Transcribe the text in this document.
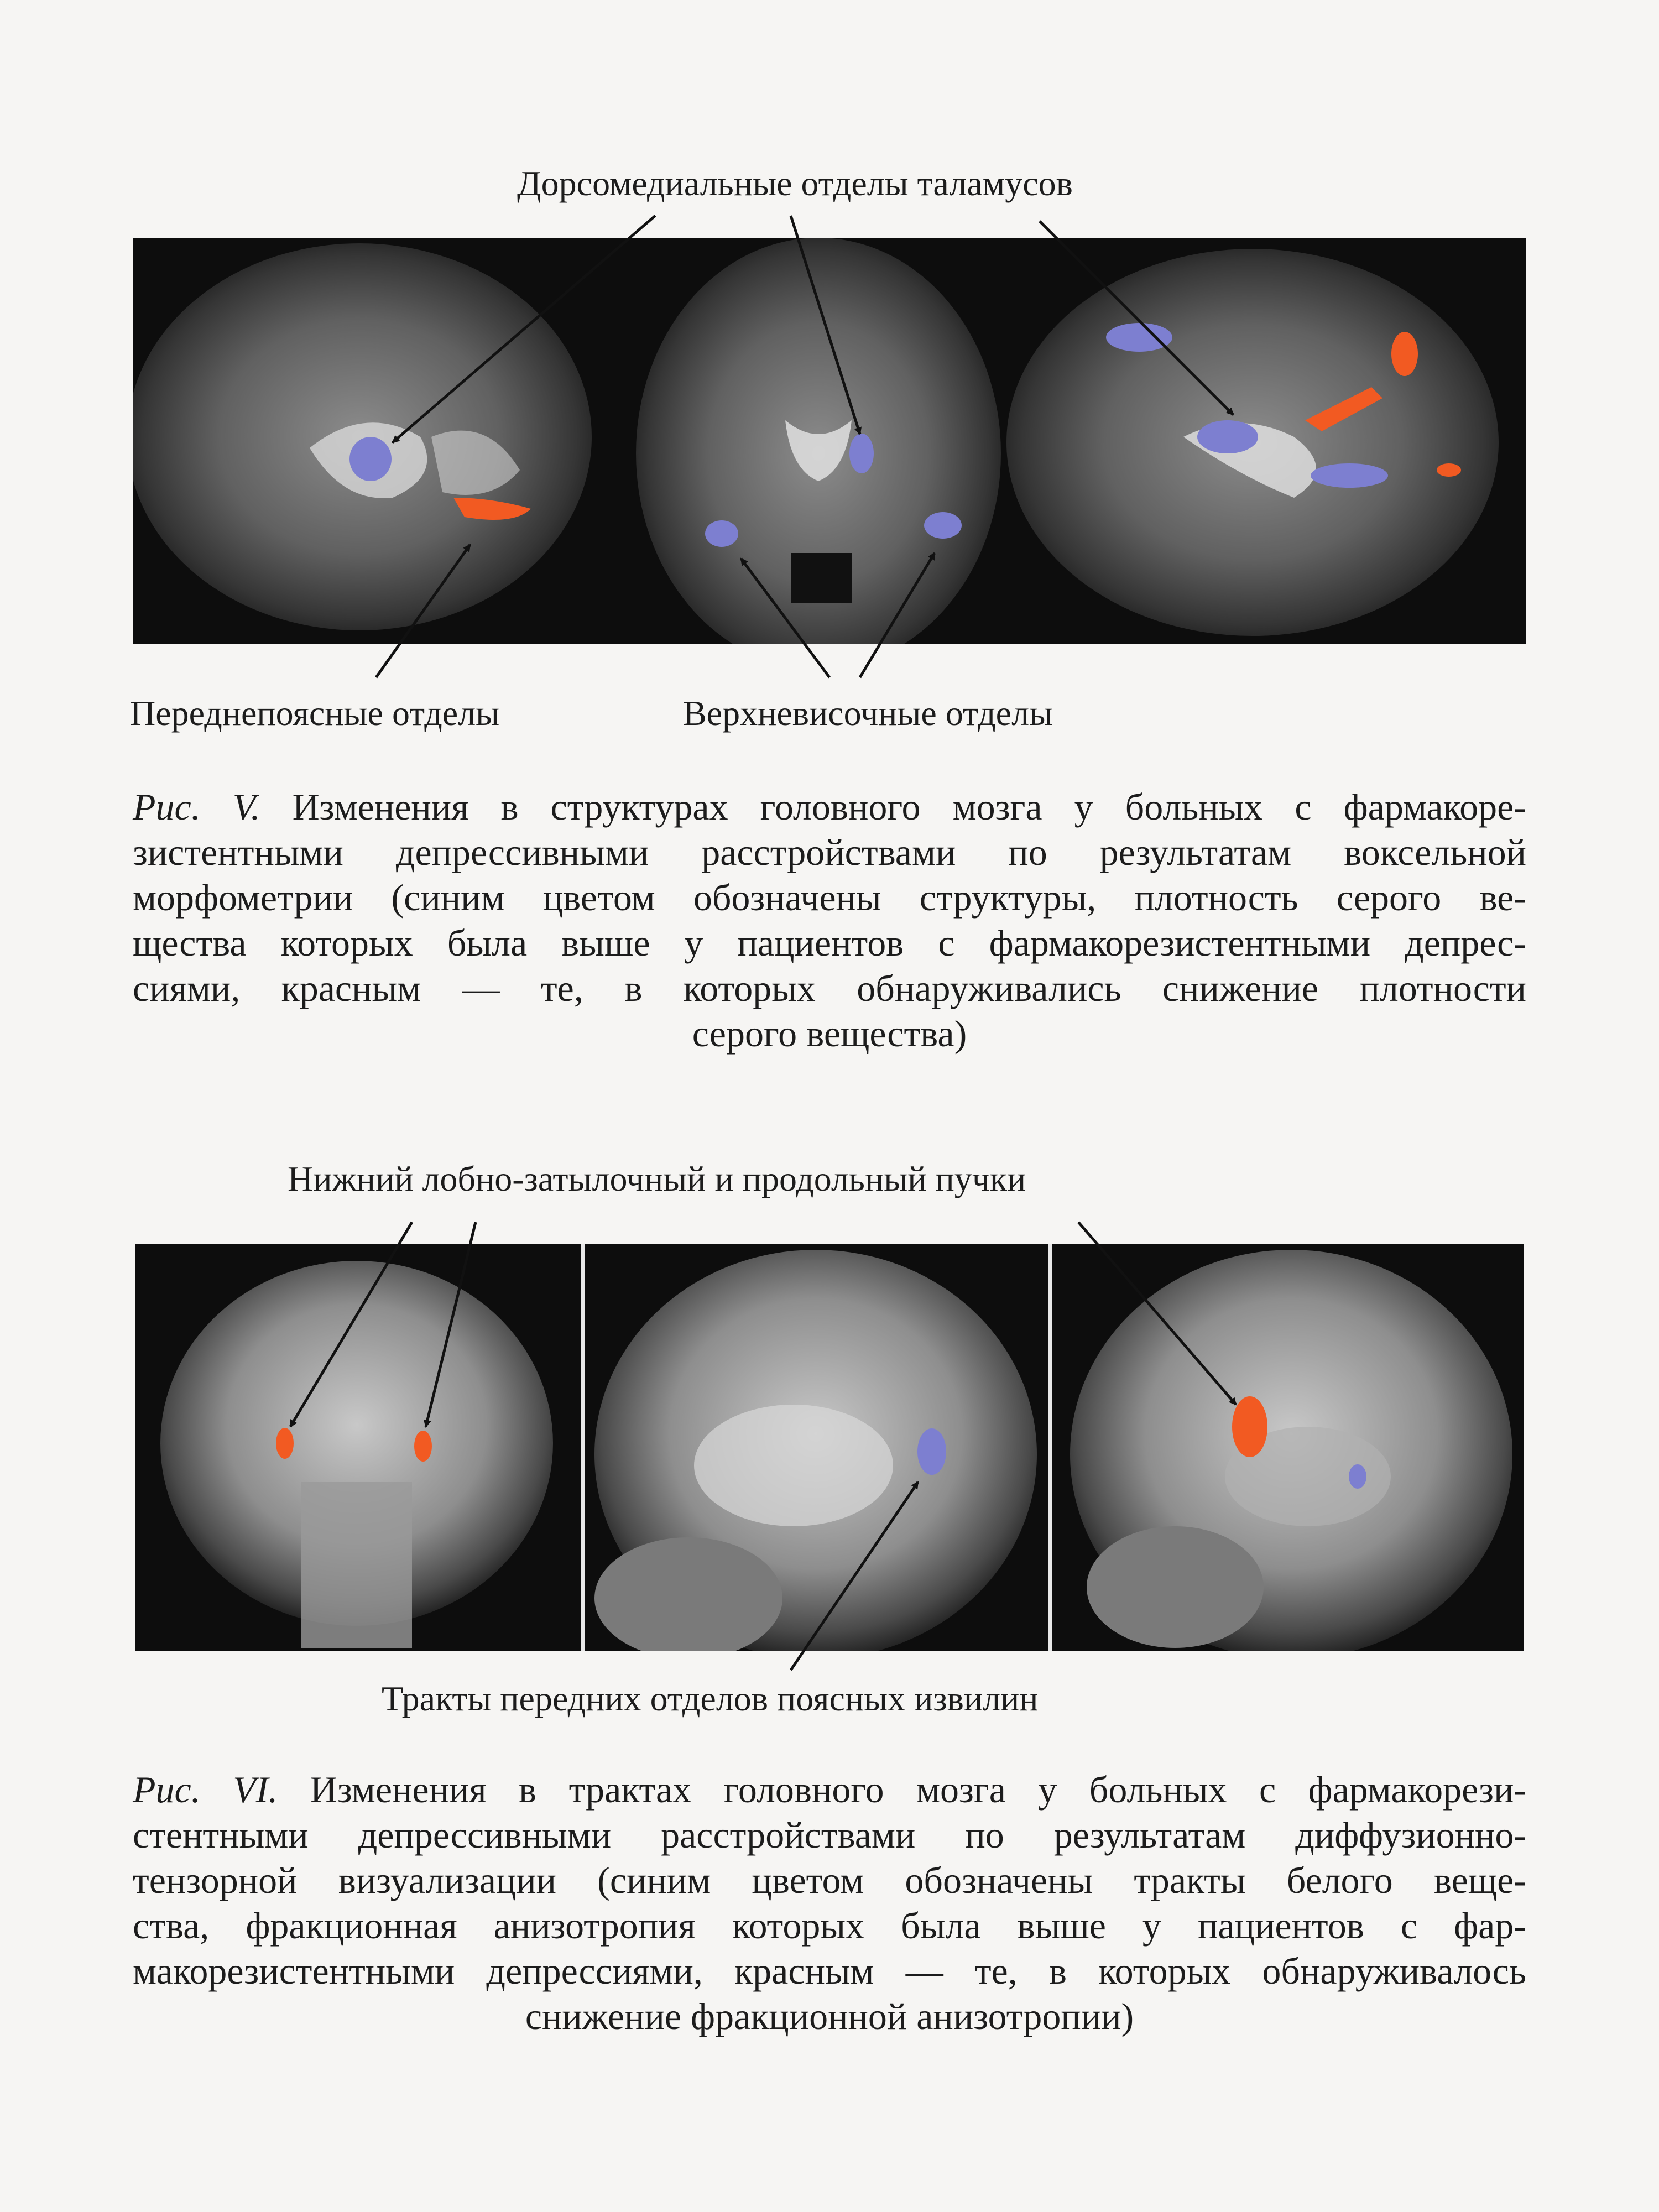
Дорсомедиальные отделы таламусов
Переднепоясные отделы	Верхневисочные отделы
Рис. V. Изменения в структурах головного мозга у больных с фармакоре-
зистентными депрессивными расстройствами по результатам воксельной
морфометрии (синим цветом обозначены структуры, плотность серого ве-
щества которых была выше у пациентов с фармакорезистентными депрес-
сиями, красным — те, в которых обнаруживались снижение плотности
серого вещества)
Нижний лобно-затылочный и продольный пучки
Тракты передних отделов поясных извилин
Рис. VI. Изменения в трактах головного мозга у больных с фармакорези-
стентными депрессивными расстройствами по результатам диффузионно-
тензорной визуализации (синим цветом обозначены тракты белого веще-
ства, фракционная анизотропия которых была выше у пациентов с фар-
макорезистентными депрессиями, красным — те, в которых обнаруживалось
снижение фракционной анизотропии)
